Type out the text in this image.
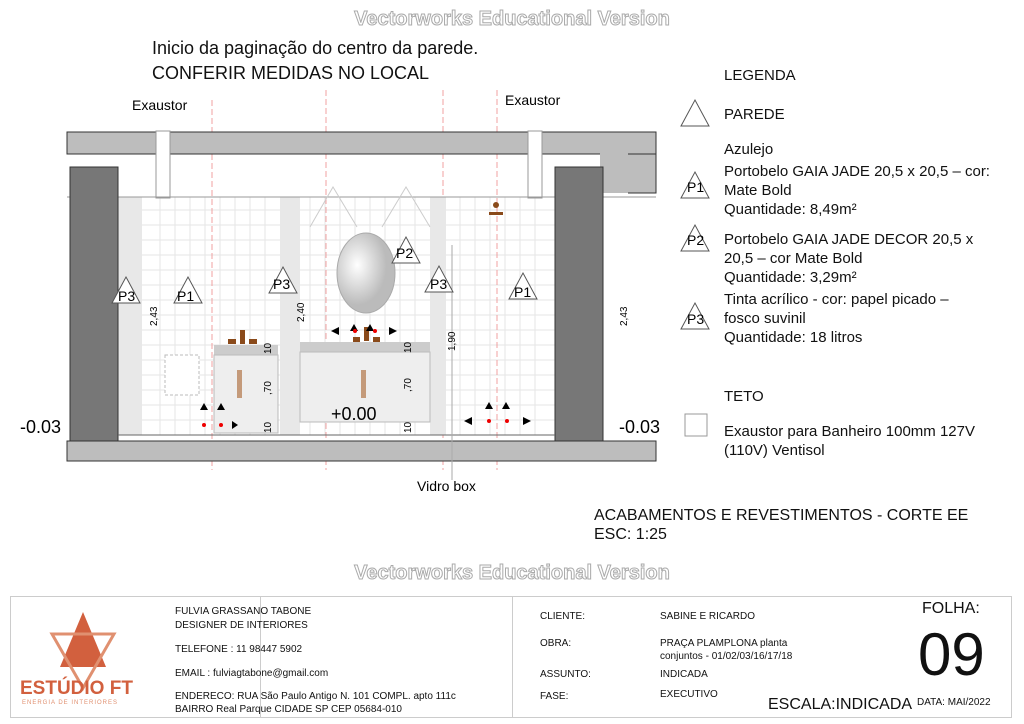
Vectorworks Educational Version
Inicio da paginação do centro da parede.
CONFERIR MEDIDAS NO LOCAL
P3	P1
P3
P2
P3	P1
P1
P2
P3
Exaustor	Exaustor
Vidro box
-0.03
+0.00
-0.03
2,43	2,40	2,43
1,90
10
,70
10
10
,70
10
LEGENDA
PAREDE
Azulejo
Portobelo GAIA JADE 20,5 x 20,5 – cor:
Mate Bold
Quantidade: 8,49m²
Portobelo GAIA JADE DECOR 20,5 x
20,5 – cor Mate Bold
Quantidade: 3,29m²
Tinta acrílico - cor: papel picado –
fosco suvinil
Quantidade: 18 litros
TETO
Exaustor para Banheiro 100mm 127V
(110V) Ventisol
ACABAMENTOS E REVESTIMENTOS - CORTE EE
ESC: 1:25
Vectorworks Educational Version
ESTÚDIO FT
ENERGIA DE INTERIORES
FULVIA GRASSANO TABONE
DESIGNER DE INTERIORES
TELEFONE : 11 98447 5902
EMAIL : fulviagtabone@gmail.com
ENDERECO: RUA São Paulo Antigo N. 101 COMPL. apto 111c
BAIRRO Real Parque CIDADE SP CEP 05684-010
CLIENTE:	SABINE E RICARDO
OBRA:	PRAÇA PLAMPLONA planta
conjuntos - 01/02/03/16/17/18
ASSUNTO:	INDICADA
FASE:	EXECUTIVO
FOLHA:
09
ESCALA:INDICADA DATA: MAI/2022
